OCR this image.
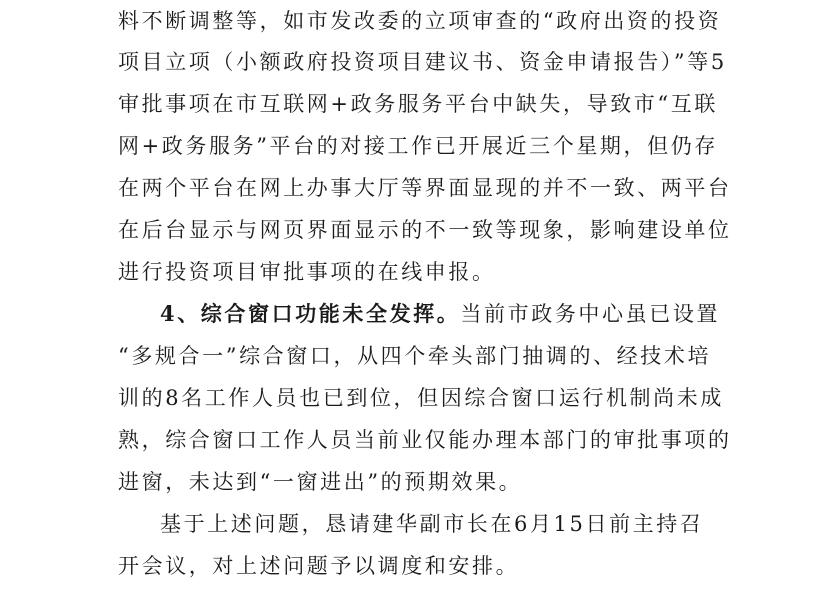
料不断调整等，如市发改委的立项审查的“政府出资的投资
项目立项（小额政府投资项目建议书、资金申请报告）”等5
审批事项在市互联网+政务服务平台中缺失，导致市“互联
网+政务服务”平台的对接工作已开展近三个星期，但仍存
在两个平台在网上办事大厅等界面显现的并不一致、两平台
在后台显示与网页界面显示的不一致等现象，影响建设单位
进行投资项目审批事项的在线申报。
4、综合窗口功能未全发挥。当前市政务中心虽已设置
“多规合一”综合窗口，从四个牵头部门抽调的、经技术培
训的8名工作人员也已到位，但因综合窗口运行机制尚未成
熟，综合窗口工作人员当前业仅能办理本部门的审批事项的
进窗，未达到“一窗进出”的预期效果。
基于上述问题，恳请建华副市长在6月15日前主持召
开会议，对上述问题予以调度和安排。
